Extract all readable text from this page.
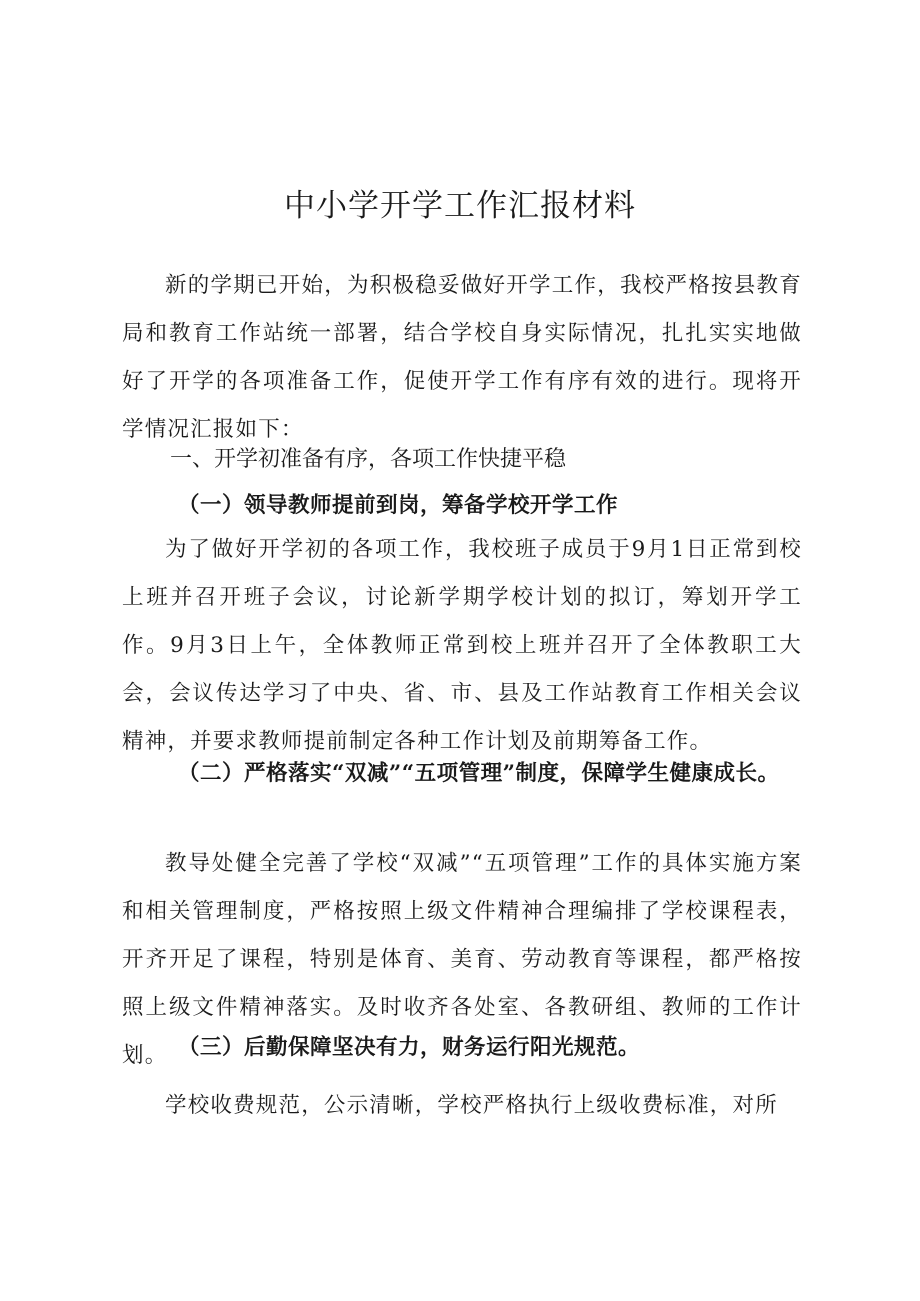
中小学开学工作汇报材料

新的学期已开始，为积极稳妥做好开学工作，我校严格按县教育局和教育工作站统一部署，结合学校自身实际情况，扎扎实实地做好了开学的各项准备工作，促使开学工作有序有效的进行。现将开学情况汇报如下：

一、开学初准备有序，各项工作快捷平稳

（一）领导教师提前到岗，筹备学校开学工作

为了做好开学初的各项工作，我校班子成员于9月1日正常到校上班并召开班子会议，讨论新学期学校计划的拟订，筹划开学工作。9月3日上午，全体教师正常到校上班并召开了全体教职工大会，会议传达学习了中央、省、市、县及工作站教育工作相关会议精神，并要求教师提前制定各种工作计划及前期筹备工作。

（二）严格落实“双减”“五项管理”制度，保障学生健康成长。

教导处健全完善了学校“双减”“五项管理”工作的具体实施方案和相关管理制度，严格按照上级文件精神合理编排了学校课程表，开齐开足了课程，特别是体育、美育、劳动教育等课程，都严格按照上级文件精神落实。及时收齐各处室、各教研组、教师的工作计划。 （三）后勤保障坚决有力，财务运行阳光规范。

学校收费规范，公示清晰，学校严格执行上级收费标准，对所
